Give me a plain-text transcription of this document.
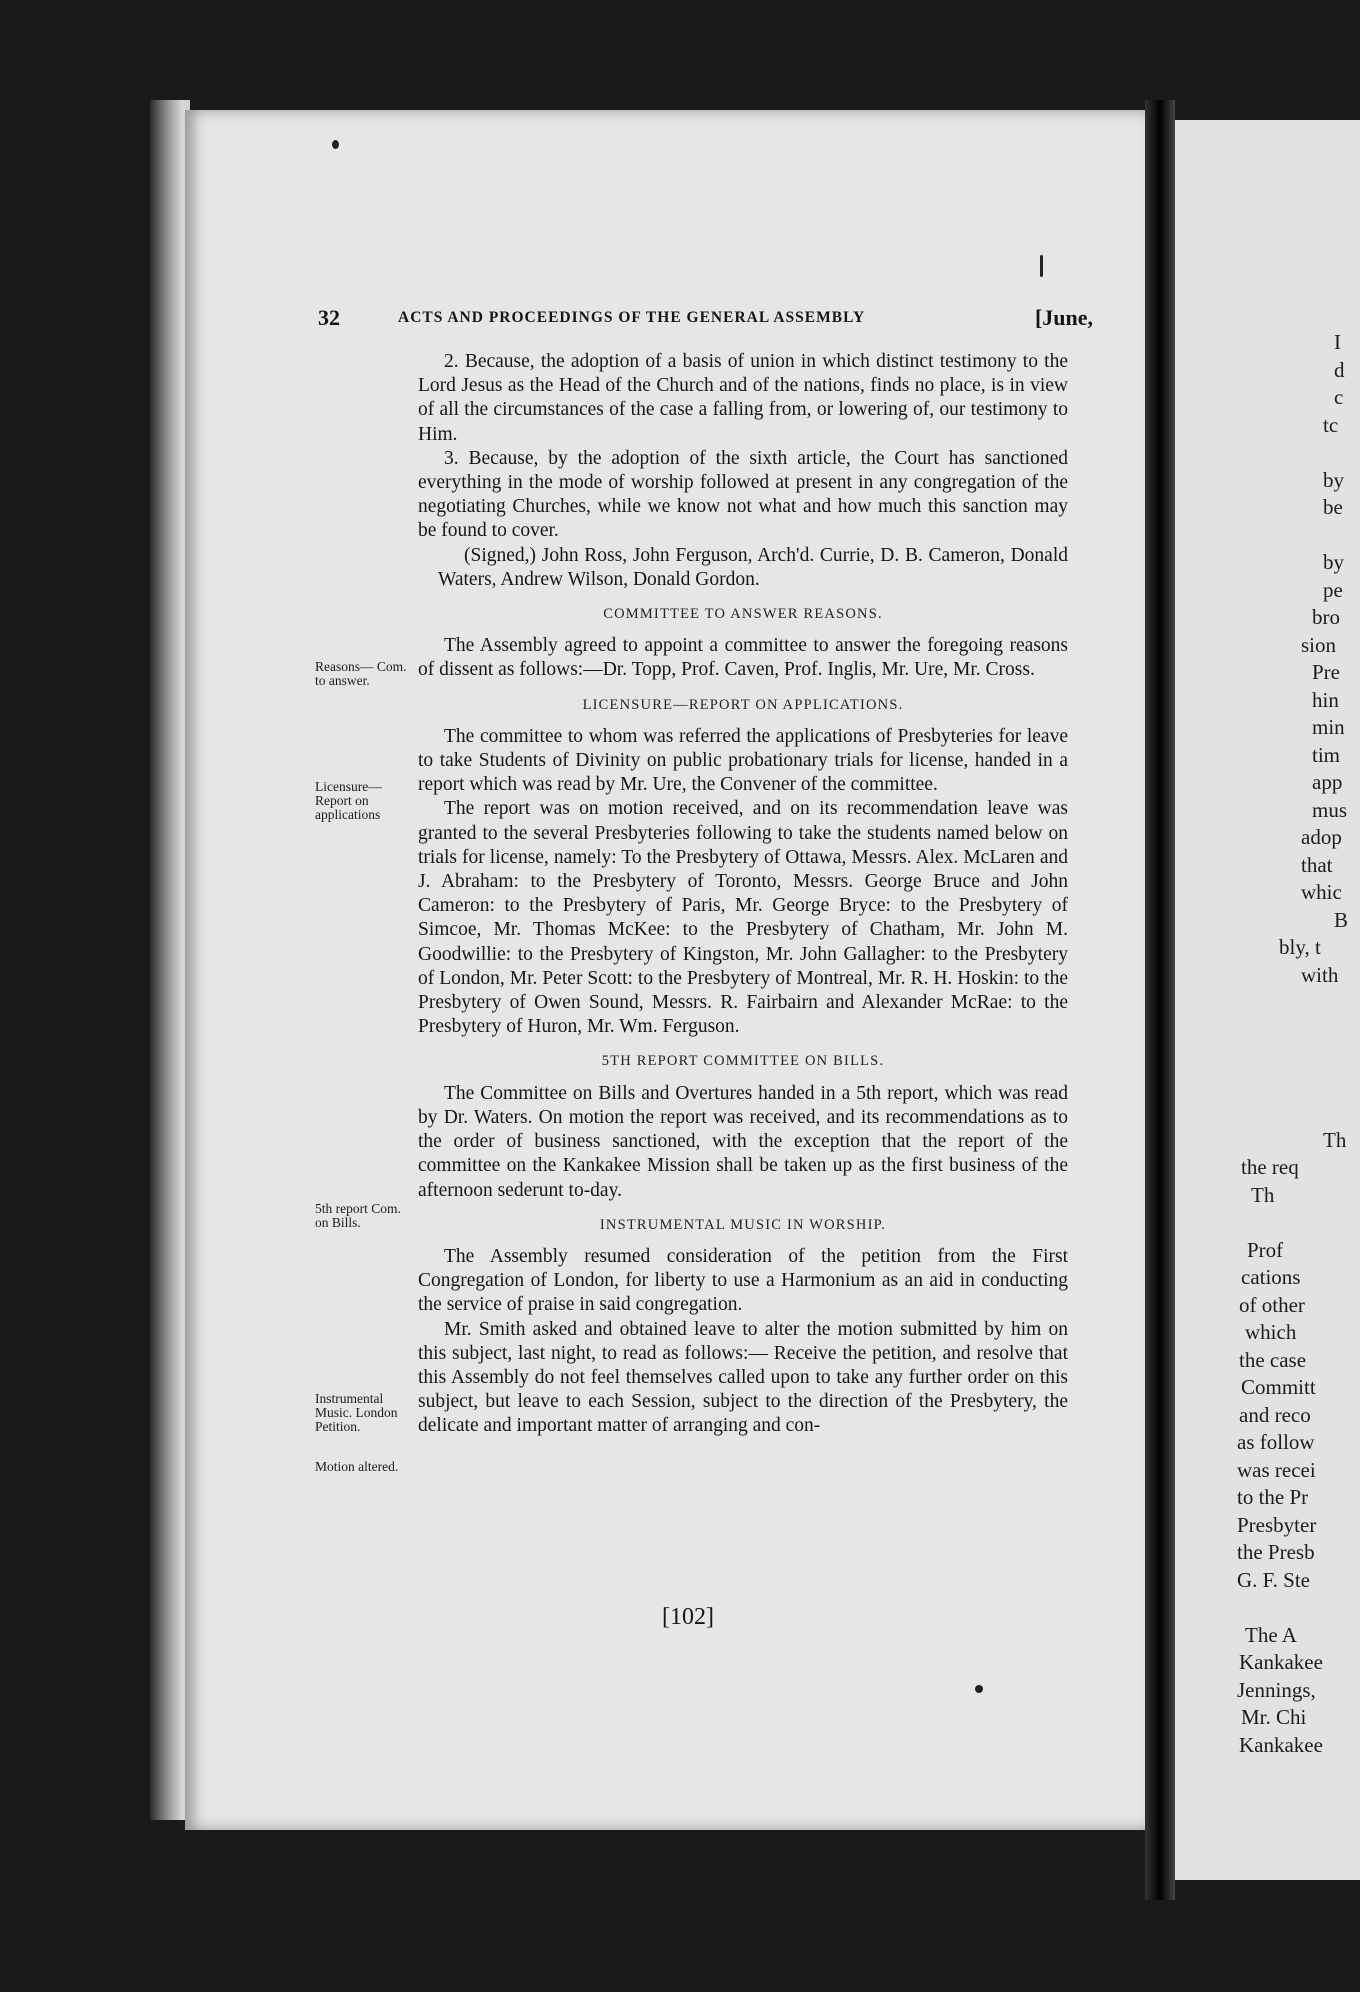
I
d
c
tc
by
be
by
pe
bro
sion
Pre
hin
min
tim
app
mus
adop
that
whic
B
bly, t
with
Th
the req
Th
Prof
cations
of other
which
the case
Committ
and reco
as follow
was recei
to the Pr
Presbyter
the Presb
G. F. Ste
The A
Kankakee
Jennings,
Mr. Chi
Kankakee
32	ACTS AND PROCEEDINGS OF THE GENERAL ASSEMBLY	[June,

2. Because, the adoption of a basis of union in which distinct testimony to the Lord Jesus as the Head of the Church and of the nations, finds no place, is in view of all the circumstances of the case a falling from, or lowering of, our testimony to Him.

3. Because, by the adoption of the sixth article, the Court has sanctioned everything in the mode of worship followed at present in any congregation of the negotiating Churches, while we know not what and how much this sanction may be found to cover.

(Signed,) John Ross, John Ferguson, Arch'd. Currie, D. B. Cameron, Donald Waters, Andrew Wilson, Donald Gordon.

COMMITTEE TO ANSWER REASONS.

The Assembly agreed to appoint a committee to answer the foregoing reasons of dissent as follows:—Dr. Topp, Prof. Caven, Prof. Inglis, Mr. Ure, Mr. Cross.

LICENSURE—REPORT ON APPLICATIONS.

The committee to whom was referred the applications of Presbyteries for leave to take Students of Divinity on public probationary trials for license, handed in a report which was read by Mr. Ure, the Convener of the committee.

The report was on motion received, and on its recommendation leave was granted to the several Presbyteries following to take the students named below on trials for license, namely: To the Presbytery of Ottawa, Messrs. Alex. McLaren and J. Abraham: to the Presbytery of Toronto, Messrs. George Bruce and John Cameron: to the Presbytery of Paris, Mr. George Bryce: to the Presbytery of Simcoe, Mr. Thomas McKee: to the Presbytery of Chatham, Mr. John M. Goodwillie: to the Presbytery of Kingston, Mr. John Gallagher: to the Presbytery of London, Mr. Peter Scott: to the Presbytery of Montreal, Mr. R. H. Hoskin: to the Presbytery of Owen Sound, Messrs. R. Fairbairn and Alexander McRae: to the Presbytery of Huron, Mr. Wm. Ferguson.

5TH REPORT COMMITTEE ON BILLS.

The Committee on Bills and Overtures handed in a 5th report, which was read by Dr. Waters. On motion the report was received, and its recommendations as to the order of business sanctioned, with the exception that the report of the committee on the Kankakee Mission shall be taken up as the first business of the afternoon sederunt to-day.

INSTRUMENTAL MUSIC IN WORSHIP.

The Assembly resumed consideration of the petition from the First Congregation of London, for liberty to use a Harmonium as an aid in conducting the service of praise in said congregation.

Mr. Smith asked and obtained leave to alter the motion submitted by him on this subject, last night, to read as follows:— Receive the petition, and resolve that this Assembly do not feel themselves called upon to take any further order on this subject, but leave to each Session, subject to the direction of the Presbytery, the delicate and important matter of arranging and con-

Reasons— Com. to answer.
Licensure— Report on applications
5th report Com. on Bills.
Instrumental Music. London Petition.
Motion altered.
[102]
